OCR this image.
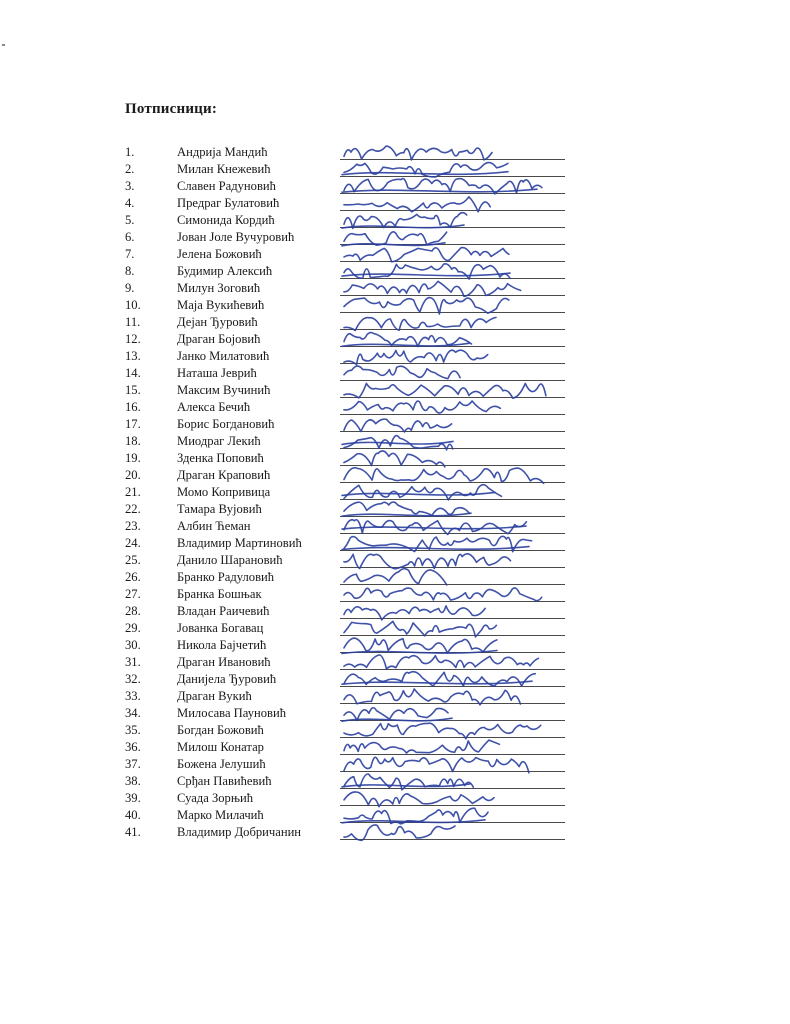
Потписници:
1.	Андрија Мандић
2.	Милан Кнежевић
3.	Славен Радуновић
4.	Предраг Булатовић
5.	Симонида Кордић
6.	Јован Јоле Вучуровић
7.	Јелена Божовић
8.	Будимир Алексић
9.	Милун Зоговић
10.	Маја Вукићевић
11.	Дејан Ђуровић
12.	Драган Бојовић
13.	Јанко Милатовић
14.	Наташа Јеврић
15.	Максим Вучинић
16.	Алекса Бечић
17.	Борис Богдановић
18.	Миодраг Лекић
19.	Зденка Поповић
20.	Драган Краповић
21.	Момо Копривица
22.	Тамара Вујовић
23.	Албин Ћеман
24.	Владимир Мартиновић
25.	Данило Шарановић
26.	Бранко Радуловић
27.	Бранка Бошњак
28.	Владан Раичевић
29.	Јованка Богавац
30.	Никола Бајчетић
31.	Драган Ивановић
32.	Данијела Ђуровић
33.	Драган Вукић
34.	Милосава Пауновић
35.	Богдан Божовић
36.	Милош Конатар
37.	Божена Јелушић
38.	Срђан Павићевић
39.	Суада Зорњић
40.	Марко Милачић
41.	Владимир Добричанин
